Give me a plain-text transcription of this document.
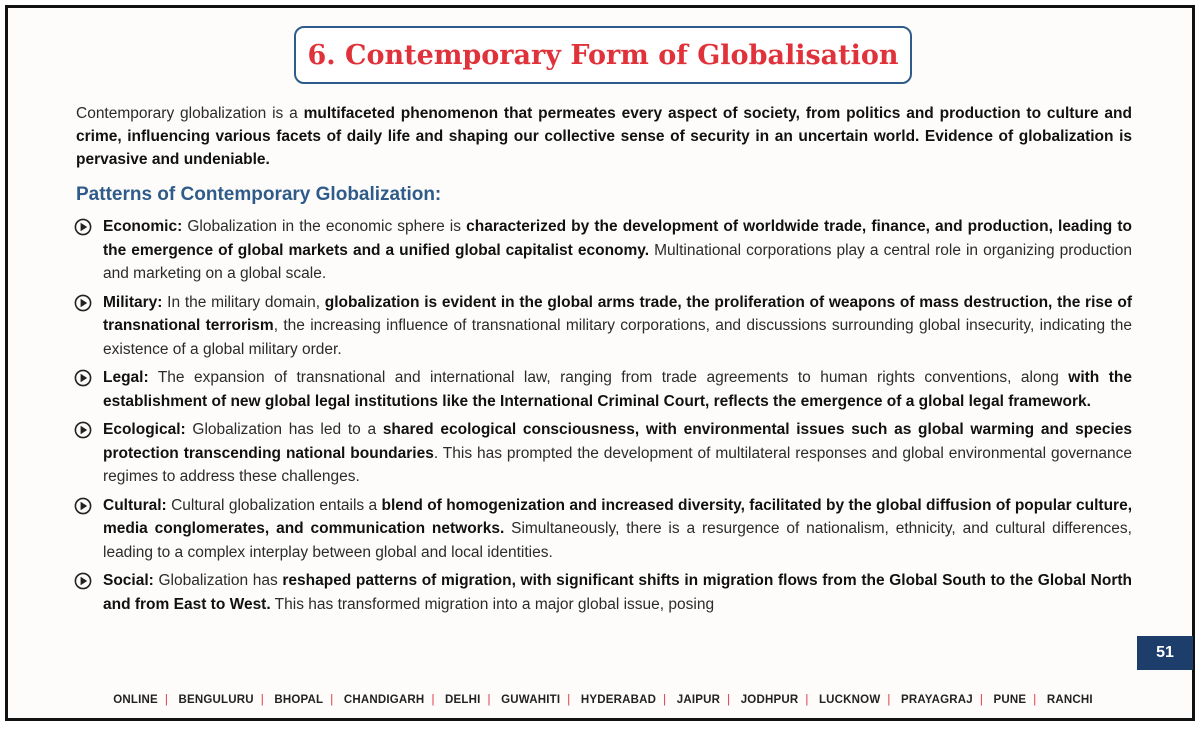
6. Contemporary Form of Globalisation

Contemporary globalization is a multifaceted phenomenon that permeates every aspect of society, from politics and production to culture and crime, influencing various facets of daily life and shaping our collective sense of security in an uncertain world. Evidence of globalization is pervasive and undeniable.

Patterns of Contemporary Globalization:
Economic: Globalization in the economic sphere is characterized by the development of worldwide trade, finance, and production, leading to the emergence of global markets and a unified global capitalist economy. Multinational corporations play a central role in organizing production and marketing on a global scale.
Military: In the military domain, globalization is evident in the global arms trade, the proliferation of weapons of mass destruction, the rise of transnational terrorism, the increasing influence of transnational military corporations, and discussions surrounding global insecurity, indicating the existence of a global military order.
Legal: The expansion of transnational and international law, ranging from trade agreements to human rights conventions, along with the establishment of new global legal institutions like the International Criminal Court, reflects the emergence of a global legal framework.
Ecological: Globalization has led to a shared ecological consciousness, with environmental issues such as global warming and species protection transcending national boundaries. This has prompted the development of multilateral responses and global environmental governance regimes to address these challenges.
Cultural: Cultural globalization entails a blend of homogenization and increased diversity, facilitated by the global diffusion of popular culture, media conglomerates, and communication networks. Simultaneously, there is a resurgence of nationalism, ethnicity, and cultural differences, leading to a complex interplay between global and local identities.
Social: Globalization has reshaped patterns of migration, with significant shifts in migration flows from the Global South to the Global North and from East to West. This has transformed migration into a major global issue, posing
ONLINE | BENGULURU | BHOPAL | CHANDIGARH | DELHI | GUWAHITI | HYDERABAD | JAIPUR | JODHPUR | LUCKNOW | PRAYAGRAJ | PUNE | RANCHI
51
